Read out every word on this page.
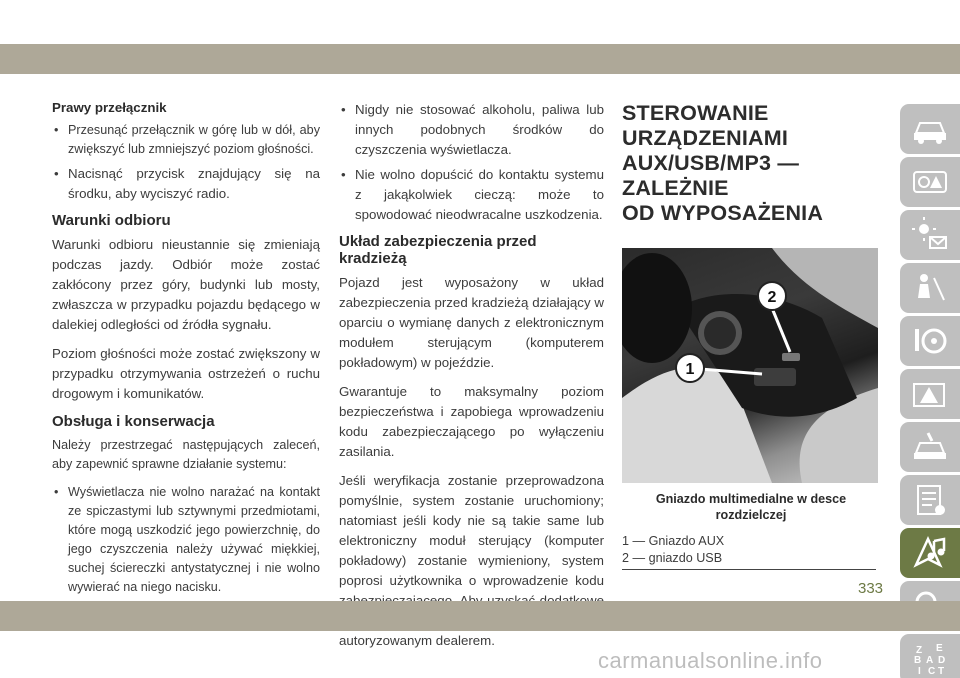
Prawy przełącznik
• Przesunąć przełącznik w górę lub w dół, aby zwiększyć lub zmniejszyć poziom głośności.
• Nacisnąć przycisk znajdujący się na środku, aby wyciszyć radio.
Warunki odbioru

Warunki odbioru nieustannie się zmieniają podczas jazdy. Odbiór może zostać zakłócony przez góry, budynki lub mosty, zwłaszcza w przypadku pojazdu będącego w dalekiej odległości od źródła sygnału.

Poziom głośności może zostać zwiększony w przypadku otrzymywania ostrzeżeń o ruchu drogowym i komunikatów.

Obsługa i konserwacja

Należy przestrzegać następujących zaleceń, aby zapewnić sprawne działanie systemu:

• Wyświetlacza nie wolno narażać na kontakt ze spiczastymi lub sztywnymi przedmiotami, które mogą uszkodzić jego powierzchnię, do jego czyszczenia należy używać miękkiej, suchej ściereczki antystatycznej i nie wolno wywierać na niego nacisku.
• Nigdy nie stosować alkoholu, paliwa lub innych podobnych środków do czyszczenia wyświetlacza.
• Nie wolno dopuścić do kontaktu systemu z jakąkolwiek cieczą: może to spowodować nieodwracalne uszkodzenia.
Układ zabezpieczenia przed kradzieżą

Pojazd jest wyposażony w układ zabezpieczenia przed kradzieżą działający w oparciu o wymianę danych z elektronicznym modułem sterującym (komputerem pokładowym) w pojeździe.

Gwarantuje to maksymalny poziom bezpieczeństwa i zapobiega wprowadzeniu kodu zabezpieczającego po wyłączeniu zasilania.

Jeśli weryfikacja zostanie przeprowadzona pomyślnie, system zostanie uruchomiony; natomiast jeśli kody nie są takie same lub elektroniczny moduł sterujący (komputer pokładowy) zostanie wymieniony, system poprosi użytkownika o wprowadzenie kodu autoryzowanym dealerem.

STEROWANIE
URZĄDZENIAMI
AUX/USB/MP3 — ZALEŻNIE
OD WYPOSAŻENIA
2
1
Gniazdo multimedialne w desce rozdzielczej
1 — Gniazdo AUX
2 — gniazdo USB
Z E
B A D
I C T
333
carmanualsonline.info
